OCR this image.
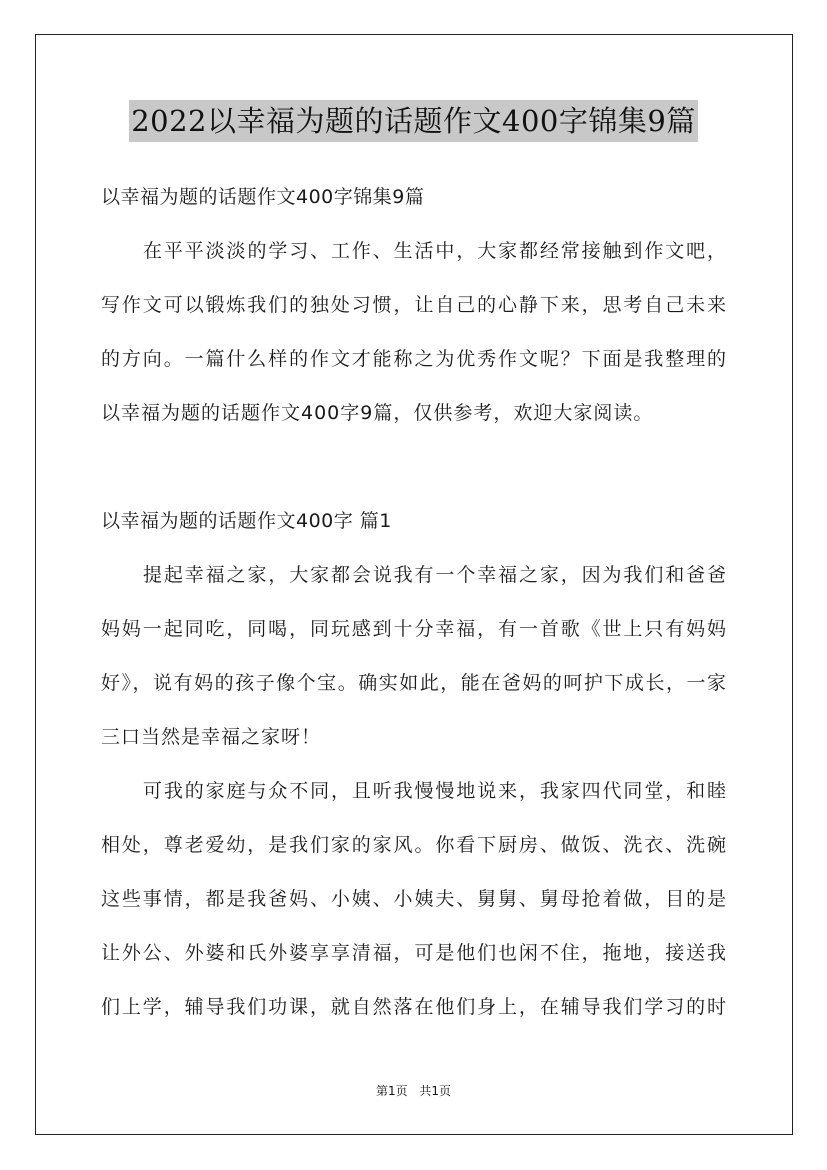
2022以幸福为题的话题作文400字锦集9篇
以幸福为题的话题作文400字锦集9篇
在平平淡淡的学习、工作、生活中，大家都经常接触到作文吧，
写作文可以锻炼我们的独处习惯，让自己的心静下来，思考自己未来
的方向。一篇什么样的作文才能称之为优秀作文呢？下面是我整理的
以幸福为题的话题作文400字9篇，仅供参考，欢迎大家阅读。
以幸福为题的话题作文400字 篇1
提起幸福之家，大家都会说我有一个幸福之家，因为我们和爸爸
妈妈一起同吃，同喝，同玩感到十分幸福，有一首歌《世上只有妈妈
好》，说有妈的孩子像个宝。确实如此，能在爸妈的呵护下成长，一家
三口当然是幸福之家呀！
可我的家庭与众不同，且听我慢慢地说来，我家四代同堂，和睦
相处，尊老爱幼，是我们家的家风。你看下厨房、做饭、洗衣、洗碗
这些事情，都是我爸妈、小姨、小姨夫、舅舅、舅母抢着做，目的是
让外公、外婆和氏外婆享享清福，可是他们也闲不住，拖地，接送我
们上学，辅导我们功课，就自然落在他们身上，在辅导我们学习的时
第1页 共1页
